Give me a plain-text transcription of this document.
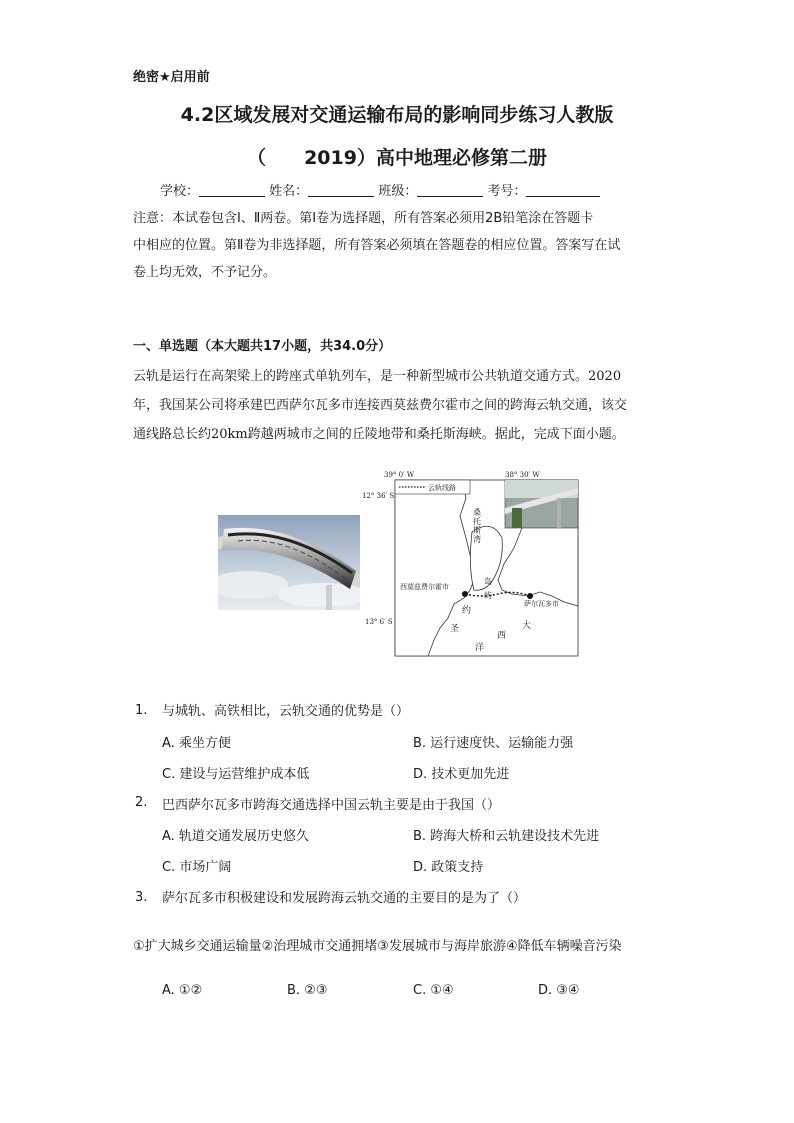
绝密★启用前
4.2区域发展对交通运输布局的影响同步练习人教版
（ 2019）高中地理必修第二册
学校：	姓名：	班级：	考号：
注意：本试卷包含Ⅰ、Ⅱ两卷。第Ⅰ卷为选择题，所有答案必须用2B铅笔涂在答题卡
中相应的位置。第Ⅱ卷为非选择题，所有答案必须填在答题卷的相应位置。答案写在试
卷上均无效，不予记分。
一、单选题（本大题共17小题，共34.0分）
云轨是运行在高架梁上的跨座式单轨列车，是一种新型城市公共轨道交通方式。2020
年，我国某公司将承建巴西萨尔瓦多市连接西莫兹费尔霍市之间的跨海云轨交通，该交
通线路总长约20km跨越两城市之间的丘陵地带和桑托斯海峡。据此，完成下面小题。
39° 0′ W	38° 30′ W
12° 36′ S
13° 6′ S
云轨线路
桑托斯湾
西莫兹费尔霍市
萨尔瓦多市
岛
屿
约
圣	大
西
洋
1. 与城轨、高铁相比，云轨交通的优势是（）
A. 乘坐方便	B. 运行速度快、运输能力强
C. 建设与运营维护成本低	D. 技术更加先进
2. 巴西萨尔瓦多市跨海交通选择中国云轨主要是由于我国（）
A. 轨道交通发展历史悠久	B. 跨海大桥和云轨建设技术先进
C. 市场广阔	D. 政策支持
3. 萨尔瓦多市积极建设和发展跨海云轨交通的主要目的是为了（）
①扩大城乡交通运输量②治理城市交通拥堵③发展城市与海岸旅游④降低车辆噪音污染
A. ①②	B. ②③	C. ①④	D. ③④
